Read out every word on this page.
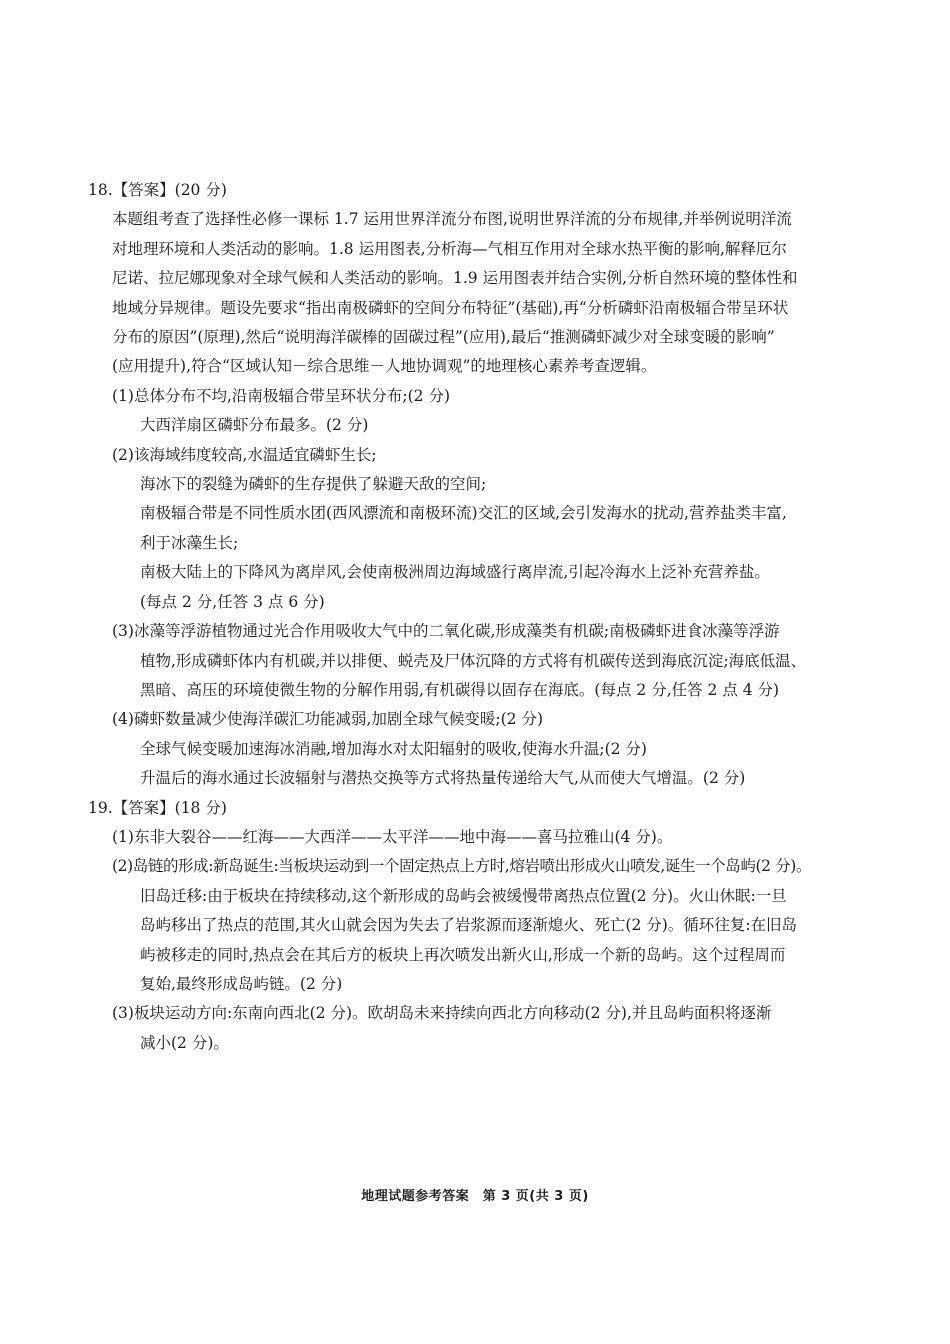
18.【答案】(20 分)

本题组考查了选择性必修一课标 1.7 运用世界洋流分布图,说明世界洋流的分布规律,并举例说明洋流

对地理环境和人类活动的影响。1.8 运用图表,分析海—气相互作用对全球水热平衡的影响,解释厄尔

尼诺、拉尼娜现象对全球气候和人类活动的影响。1.9 运用图表并结合实例,分析自然环境的整体性和

地域分异规律。题设先要求“指出南极磷虾的空间分布特征”(基础),再“分析磷虾沿南极辐合带呈环状

分布的原因”(原理),然后“说明海洋碳棒的固碳过程”(应用),最后“推测磷虾减少对全球变暖的影响”

(应用提升),符合“区域认知－综合思维－人地协调观”的地理核心素养考查逻辑。

(1)总体分布不均,沿南极辐合带呈环状分布;(2 分)

大西洋扇区磷虾分布最多。(2 分)

(2)该海域纬度较高,水温适宜磷虾生长;

海冰下的裂缝为磷虾的生存提供了躲避天敌的空间;

南极辐合带是不同性质水团(西风漂流和南极环流)交汇的区域,会引发海水的扰动,营养盐类丰富,

利于冰藻生长;

南极大陆上的下降风为离岸风,会使南极洲周边海域盛行离岸流,引起冷海水上泛补充营养盐。

(每点 2 分,任答 3 点 6 分)

(3)冰藻等浮游植物通过光合作用吸收大气中的二氧化碳,形成藻类有机碳;南极磷虾进食冰藻等浮游

植物,形成磷虾体内有机碳,并以排便、蜕壳及尸体沉降的方式将有机碳传送到海底沉淀;海底低温、

黑暗、高压的环境使微生物的分解作用弱,有机碳得以固存在海底。(每点 2 分,任答 2 点 4 分)

(4)磷虾数量减少使海洋碳汇功能减弱,加剧全球气候变暖;(2 分)

全球气候变暖加速海冰消融,增加海水对太阳辐射的吸收,使海水升温;(2 分)

升温后的海水通过长波辐射与潜热交换等方式将热量传递给大气,从而使大气增温。(2 分)

19.【答案】(18 分)

(1)东非大裂谷——红海——大西洋——太平洋——地中海——喜马拉雅山(4 分)。

(2)岛链的形成:新岛诞生:当板块运动到一个固定热点上方时,熔岩喷出形成火山喷发,诞生一个岛屿(2 分)。

旧岛迁移:由于板块在持续移动,这个新形成的岛屿会被缓慢带离热点位置(2 分)。火山休眠:一旦

岛屿移出了热点的范围,其火山就会因为失去了岩浆源而逐渐熄火、死亡(2 分)。循环往复:在旧岛

屿被移走的同时,热点会在其后方的板块上再次喷发出新火山,形成一个新的岛屿。这个过程周而

复始,最终形成岛屿链。(2 分)

(3)板块运动方向:东南向西北(2 分)。欧胡岛未来持续向西北方向移动(2 分),并且岛屿面积将逐渐

减小(2 分)。

地理试题参考答案　第 3 页(共 3 页)
